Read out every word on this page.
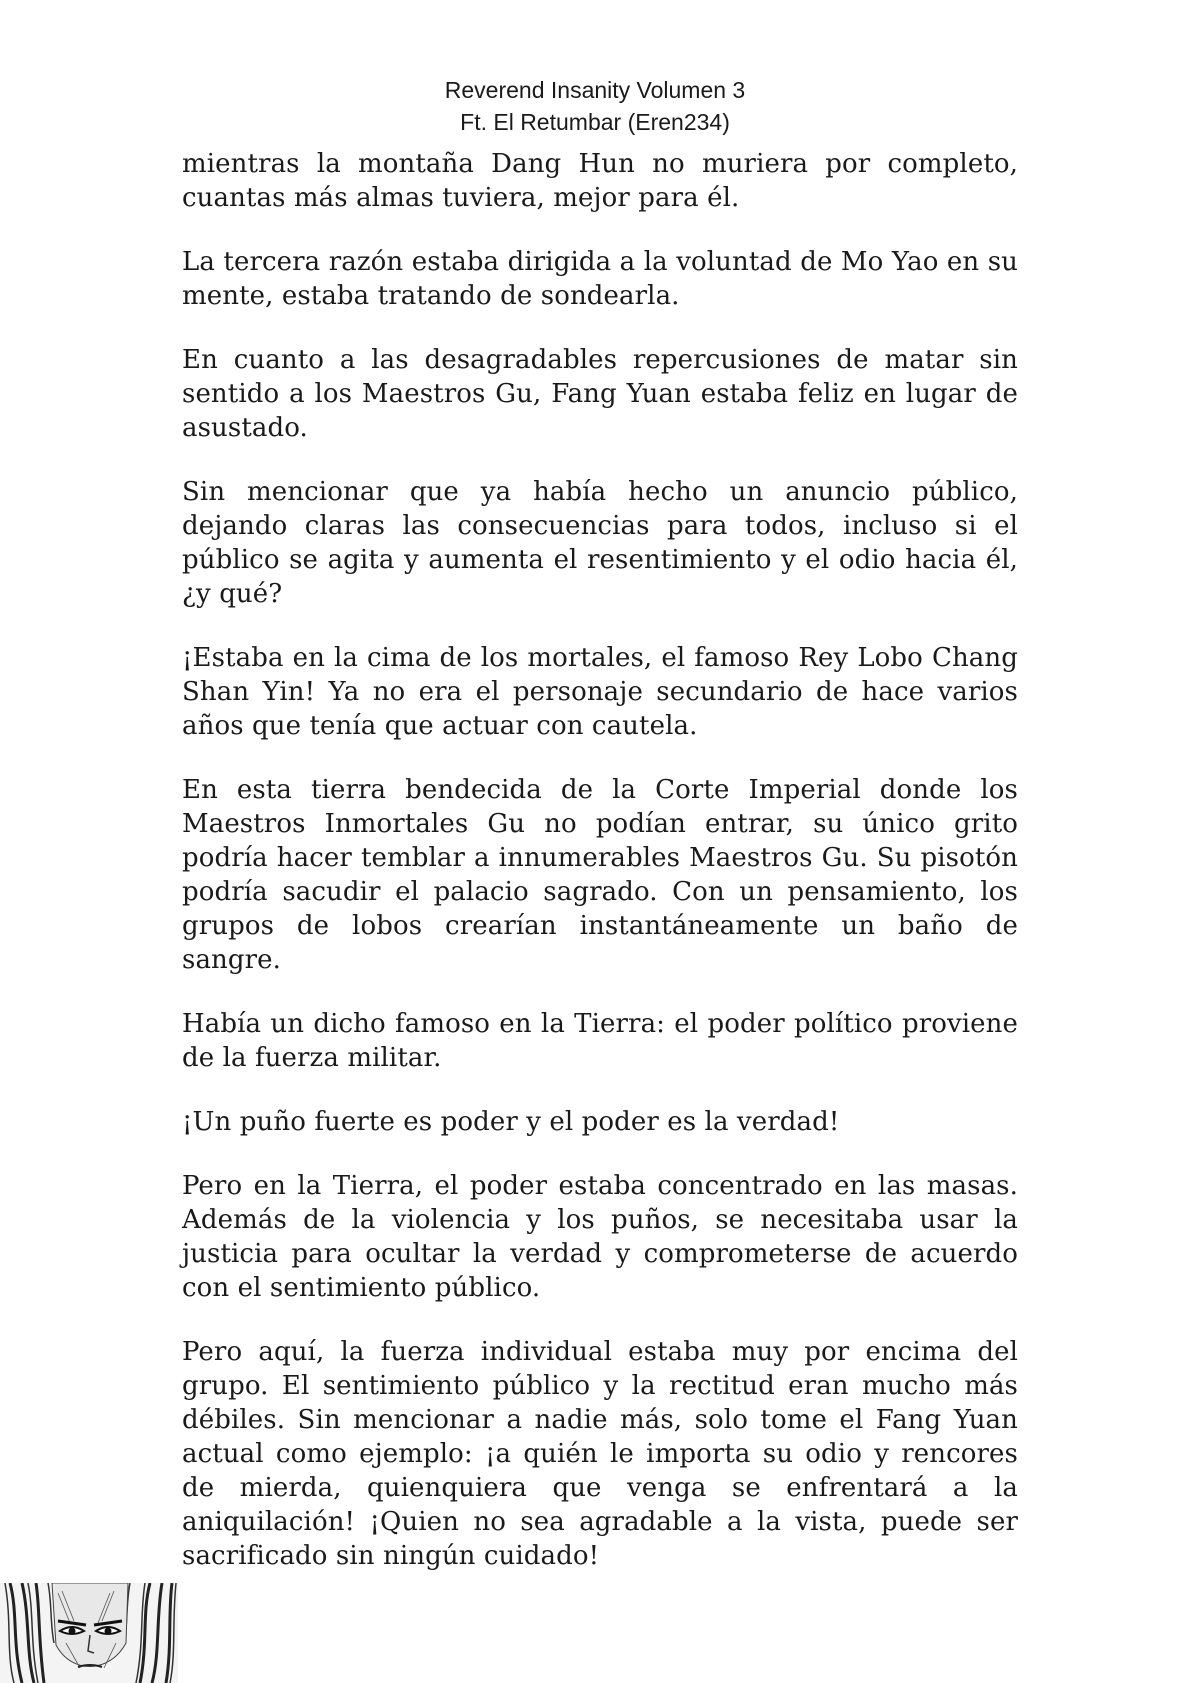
Reverend Insanity Volumen 3
Ft. El Retumbar (Eren234)

mientras la montaña Dang Hun no muriera por completo, cuantas más almas tuviera, mejor para él.

La tercera razón estaba dirigida a la voluntad de Mo Yao en su mente, estaba tratando de sondearla.

En cuanto a las desagradables repercusiones de matar sin sentido a los Maestros Gu, Fang Yuan estaba feliz en lugar de asustado.

Sin mencionar que ya había hecho un anuncio público, dejando claras las consecuencias para todos, incluso si el público se agita y aumenta el resentimiento y el odio hacia él, ¿y qué?

¡Estaba en la cima de los mortales, el famoso Rey Lobo Chang Shan Yin! Ya no era el personaje secundario de hace varios años que tenía que actuar con cautela.

En esta tierra bendecida de la Corte Imperial donde los Maestros Inmortales Gu no podían entrar, su único grito podría hacer temblar a innumerables Maestros Gu. Su pisotón podría sacudir el palacio sagrado. Con un pensamiento, los grupos de lobos crearían instantáneamente un baño de sangre.

Había un dicho famoso en la Tierra: el poder político proviene de la fuerza militar.

¡Un puño fuerte es poder y el poder es la verdad!

Pero en la Tierra, el poder estaba concentrado en las masas. Además de la violencia y los puños, se necesitaba usar la justicia para ocultar la verdad y comprometerse de acuerdo con el sentimiento público.

Pero aquí, la fuerza individual estaba muy por encima del grupo. El sentimiento público y la rectitud eran mucho más débiles. Sin mencionar a nadie más, solo tome el Fang Yuan actual como ejemplo: ¡a quién le importa su odio y rencores de mierda, quienquiera que venga se enfrentará a la aniquilación! ¡Quien no sea agradable a la vista, puede ser sacrificado sin ningún cuidado!
